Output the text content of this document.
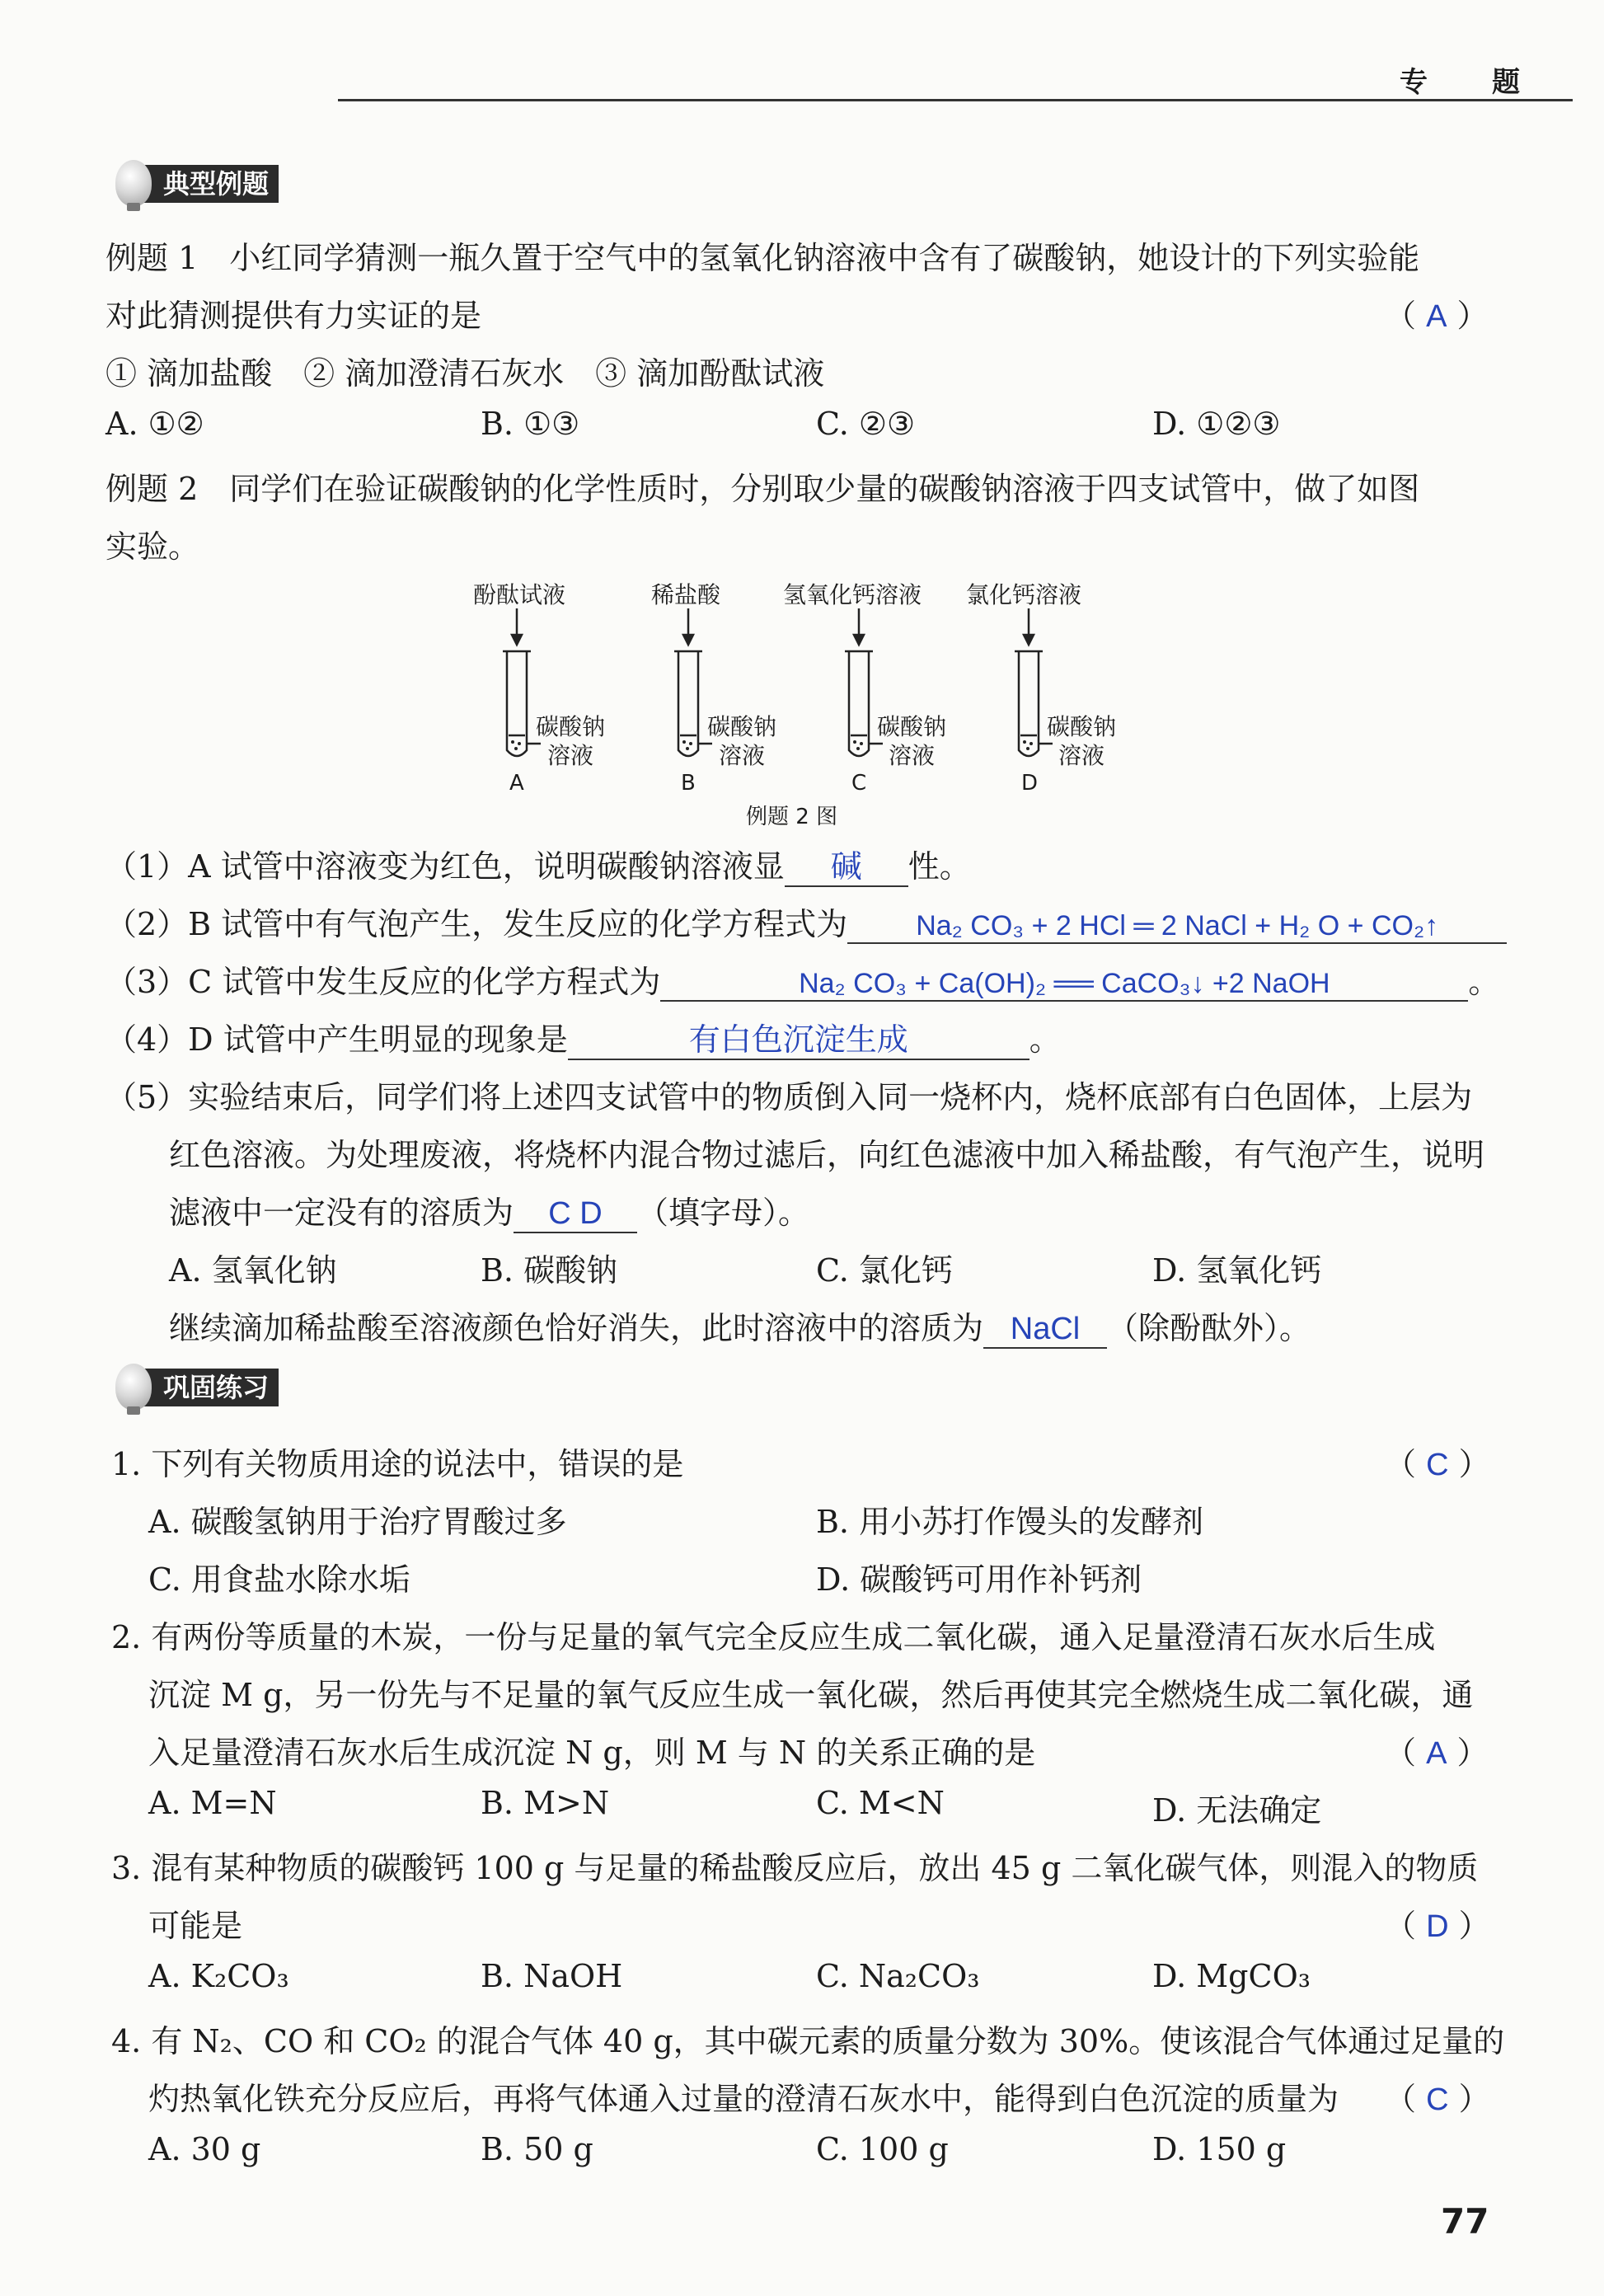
专　题
典型例题
例题 1　小红同学猜测一瓶久置于空气中的氢氧化钠溶液中含有了碳酸钠，她设计的下列实验能
对此猜测提供有力实证的是	（ A ）
① 滴加盐酸　② 滴加澄清石灰水　③ 滴加酚酞试液
A. ①②	B. ①③	C. ②③	D. ①②③
例题 2　同学们在验证碳酸钠的化学性质时，分别取少量的碳酸钠溶液于四支试管中，做了如图
实验。
酚酞试液	稀盐酸	氢氧化钙溶液 氯化钙溶液
碳酸钠
溶液
碳酸钠
溶液
碳酸钠
溶液
碳酸钠
溶液
A	B	C	D
例题 2 图
（1）A 试管中溶液变为红色，说明碳酸钠溶液显 碱 性。
（2）B 试管中有气泡产生，发生反应的化学方程式为 Na₂ CO₃ + 2 HCl ═ 2 NaCl + H₂ O + CO₂↑
（3）C 试管中发生反应的化学方程式为	Na₂ CO₃ + Ca(OH)₂ ══ CaCO₃↓ +2 NaOH	。
（4）D 试管中产生明显的现象是	有白色沉淀生成	。
（5）实验结束后，同学们将上述四支试管中的物质倒入同一烧杯内，烧杯底部有白色固体，上层为
红色溶液。为处理废液，将烧杯内混合物过滤后，向红色滤液中加入稀盐酸，有气泡产生，说明
滤液中一定没有的溶质为 C D （填字母）。
A. 氢氧化钠	B. 碳酸钠	C. 氯化钙	D. 氢氧化钙
继续滴加稀盐酸至溶液颜色恰好消失，此时溶液中的溶质为 NaCl （除酚酞外）。
巩固练习
1. 下列有关物质用途的说法中，错误的是	（ C ）
A. 碳酸氢钠用于治疗胃酸过多	B. 用小苏打作馒头的发酵剂
C. 用食盐水除水垢	D. 碳酸钙可用作补钙剂
2. 有两份等质量的木炭，一份与足量的氧气完全反应生成二氧化碳，通入足量澄清石灰水后生成
沉淀 M g，另一份先与不足量的氧气反应生成一氧化碳，然后再使其完全燃烧生成二氧化碳，通
入足量澄清石灰水后生成沉淀 N g，则 M 与 N 的关系正确的是	（ A ）
A. M=N	B. M>N	C. M<N	D. 无法确定
3. 混有某种物质的碳酸钙 100 g 与足量的稀盐酸反应后，放出 45 g 二氧化碳气体，则混入的物质
可能是	（ D ）
A. K₂CO₃	B. NaOH	C. Na₂CO₃	D. MgCO₃
4. 有 N₂、CO 和 CO₂ 的混合气体 40 g，其中碳元素的质量分数为 30%。使该混合气体通过足量的
灼热氧化铁充分反应后，再将气体通入过量的澄清石灰水中，能得到白色沉淀的质量为 （ C ）
A. 30 g	B. 50 g	C. 100 g	D. 150 g
77
